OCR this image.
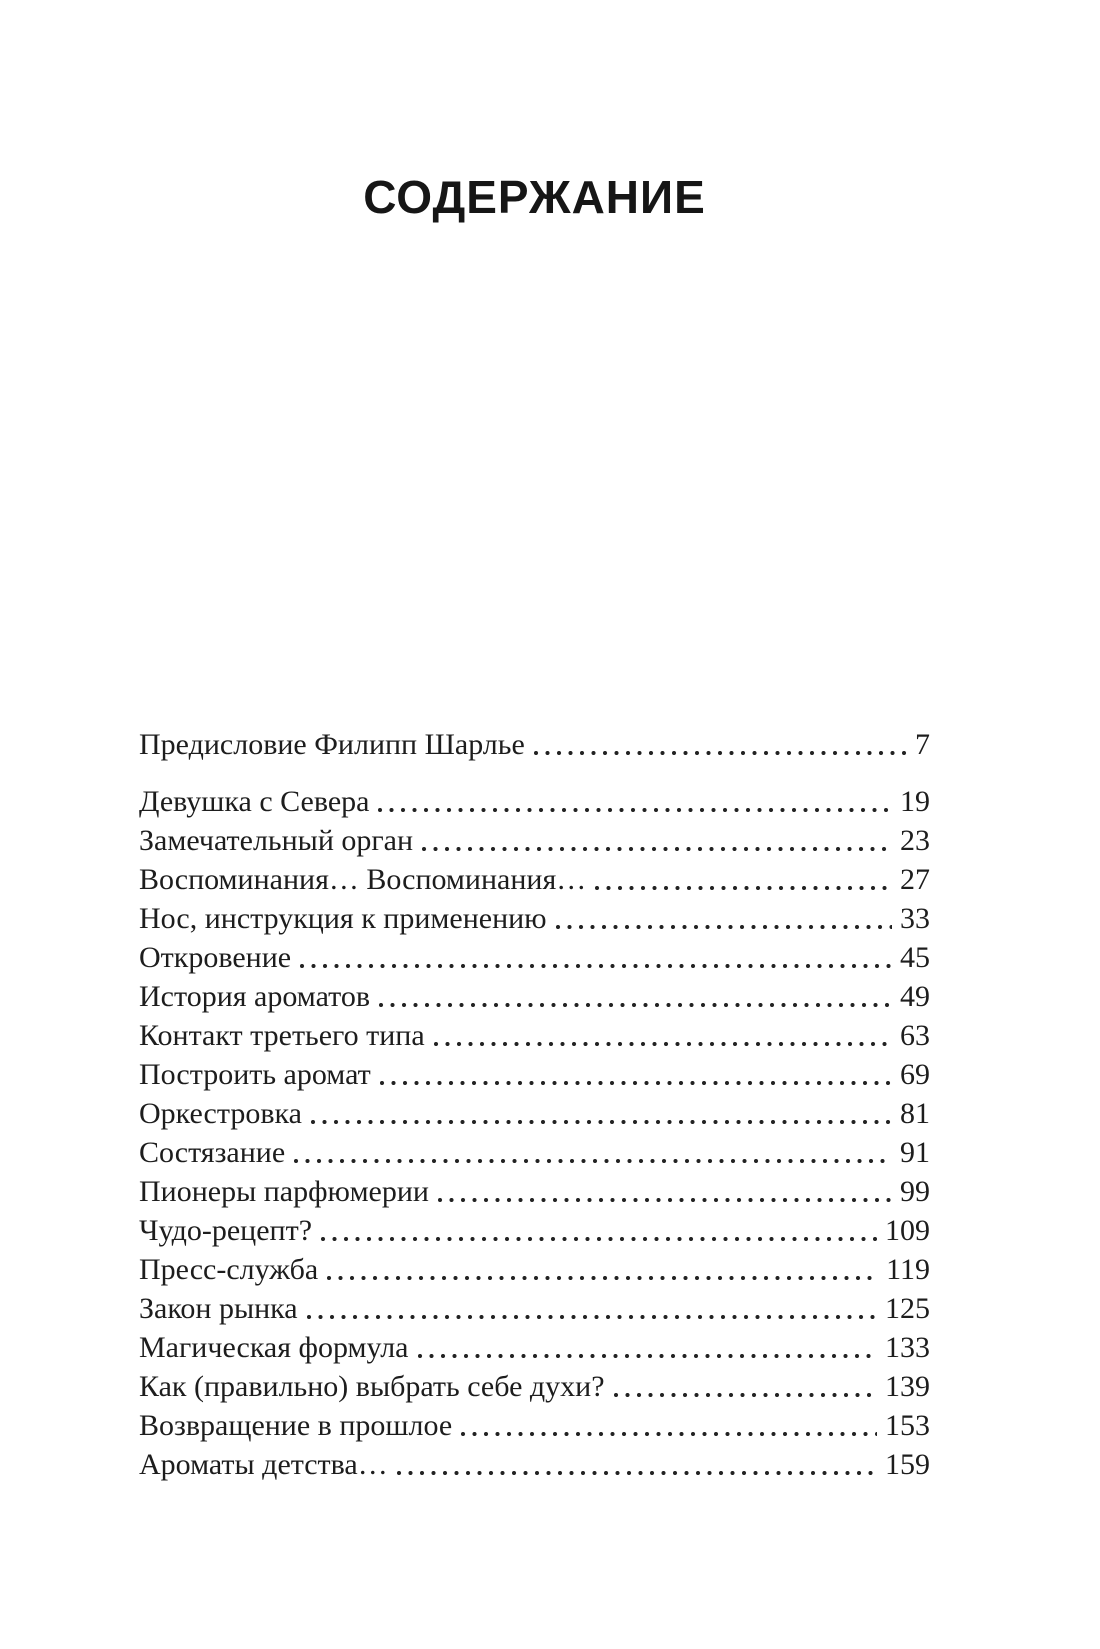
СОДЕРЖАНИЕ
Предисловие Филипп Шарлье	7
Девушка с Севера	19
Замечательный орган	23
Воспоминания… Воспоминания…	27
Нос, инструкция к применению	33
Откровение	45
История ароматов	49
Контакт третьего типа	63
Построить аромат	69
Оркестровка	81
Состязание	91
Пионеры парфюмерии	99
Чудо-рецепт?	109
Пресс-служба	119
Закон рынка	125
Магическая формула	133
Как (правильно) выбрать себе духи?	139
Возвращение в прошлое	153
Ароматы детства…	159
